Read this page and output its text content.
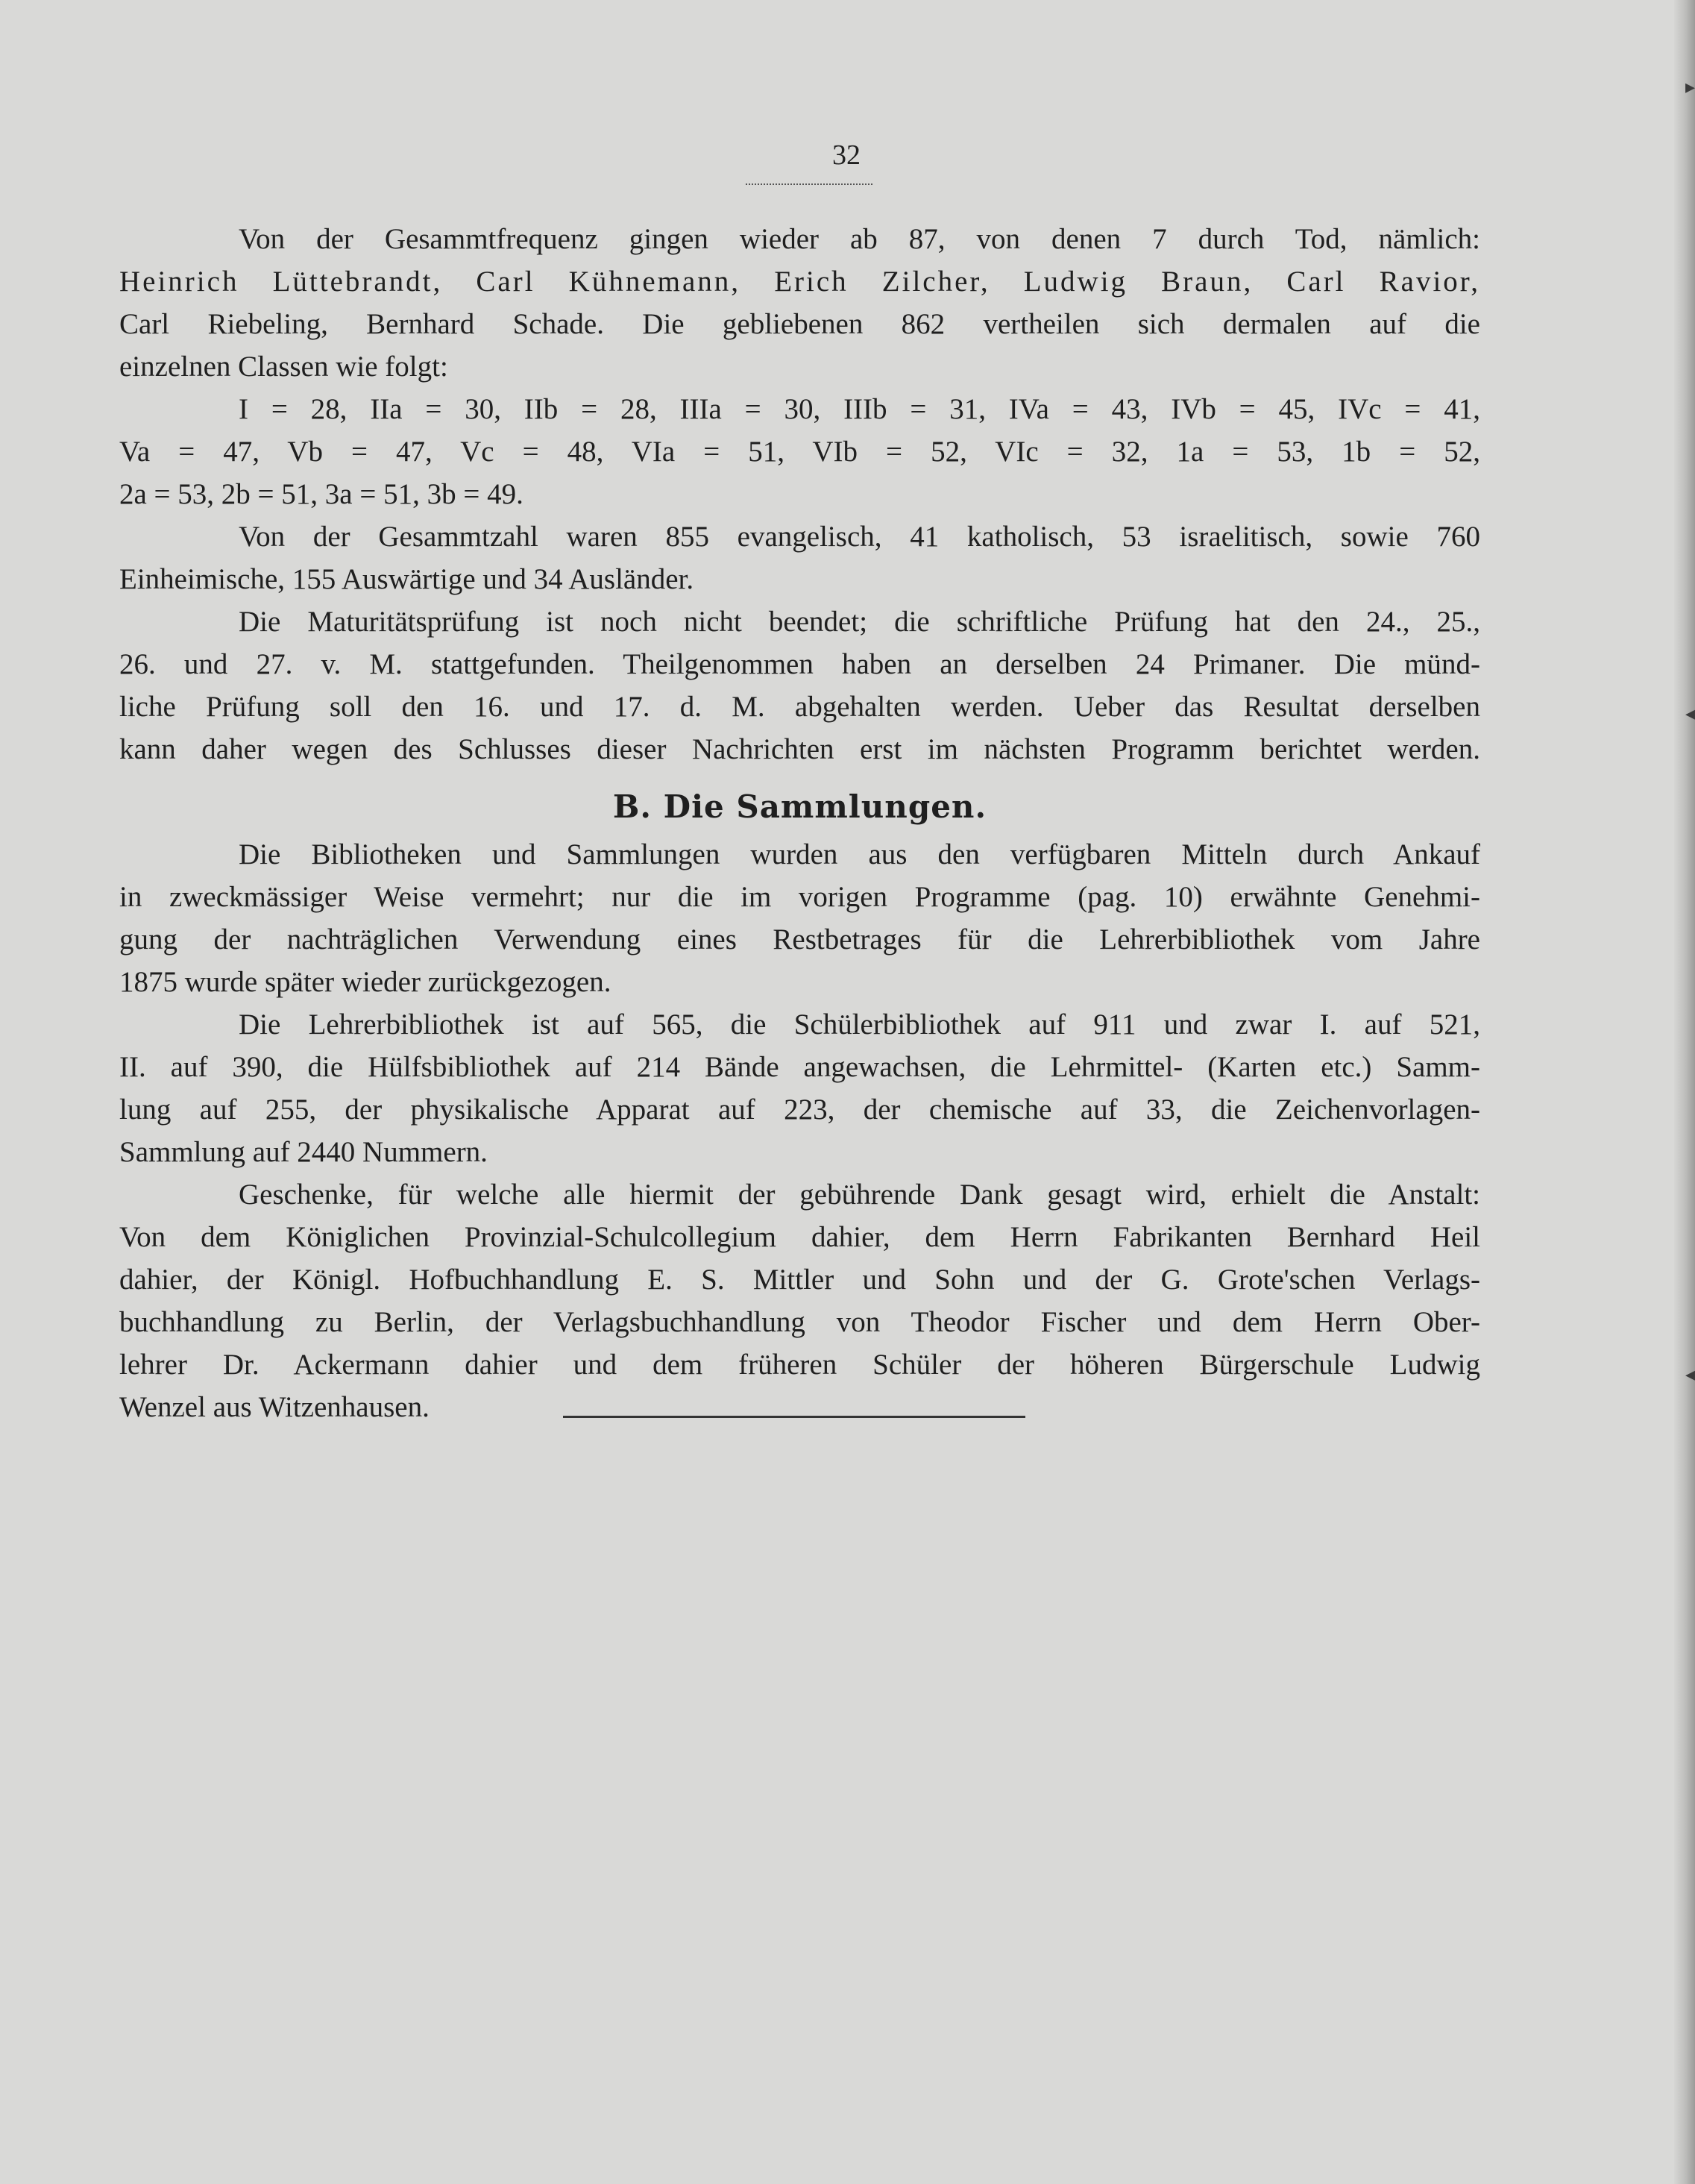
▸
◂
◂
32
Von der Gesammtfrequenz gingen wieder ab 87, von denen 7 durch Tod, nämlich:
Heinrich Lüttebrandt, Carl Kühnemann, Erich Zilcher, Ludwig Braun, Carl Ravior,
Carl Riebeling, Bernhard Schade. Die gebliebenen 862 vertheilen sich dermalen auf die
einzelnen Classen wie folgt:
I = 28, IIa = 30, IIb = 28, IIIa = 30, IIIb = 31, IVa = 43, IVb = 45, IVc = 41,
Va = 47, Vb = 47, Vc = 48, VIa = 51, VIb = 52, VIc = 32, 1a = 53, 1b = 52,
2a = 53, 2b = 51, 3a = 51, 3b = 49.
Von der Gesammtzahl waren 855 evangelisch, 41 katholisch, 53 israelitisch, sowie 760
Einheimische, 155 Auswärtige und 34 Ausländer.
Die Maturitätsprüfung ist noch nicht beendet; die schriftliche Prüfung hat den 24., 25.,
26. und 27. v. M. stattgefunden. Theilgenommen haben an derselben 24 Primaner. Die münd-
liche Prüfung soll den 16. und 17. d. M. abgehalten werden. Ueber das Resultat derselben
kann daher wegen des Schlusses dieser Nachrichten erst im nächsten Programm berichtet werden.
B. Die Sammlungen.
Die Bibliotheken und Sammlungen wurden aus den verfügbaren Mitteln durch Ankauf
in zweckmässiger Weise vermehrt; nur die im vorigen Programme (pag. 10) erwähnte Genehmi-
gung der nachträglichen Verwendung eines Restbetrages für die Lehrerbibliothek vom Jahre
1875 wurde später wieder zurückgezogen.
Die Lehrerbibliothek ist auf 565, die Schülerbibliothek auf 911 und zwar I. auf 521,
II. auf 390, die Hülfsbibliothek auf 214 Bände angewachsen, die Lehrmittel- (Karten etc.) Samm-
lung auf 255, der physikalische Apparat auf 223, der chemische auf 33, die Zeichenvorlagen-
Sammlung auf 2440 Nummern.
Geschenke, für welche alle hiermit der gebührende Dank gesagt wird, erhielt die Anstalt:
Von dem Königlichen Provinzial-Schulcollegium dahier, dem Herrn Fabrikanten Bernhard Heil
dahier, der Königl. Hofbuchhandlung E. S. Mittler und Sohn und der G. Grote'schen Verlags-
buchhandlung zu Berlin, der Verlagsbuchhandlung von Theodor Fischer und dem Herrn Ober-
lehrer Dr. Ackermann dahier und dem früheren Schüler der höheren Bürgerschule Ludwig
Wenzel aus Witzenhausen.
